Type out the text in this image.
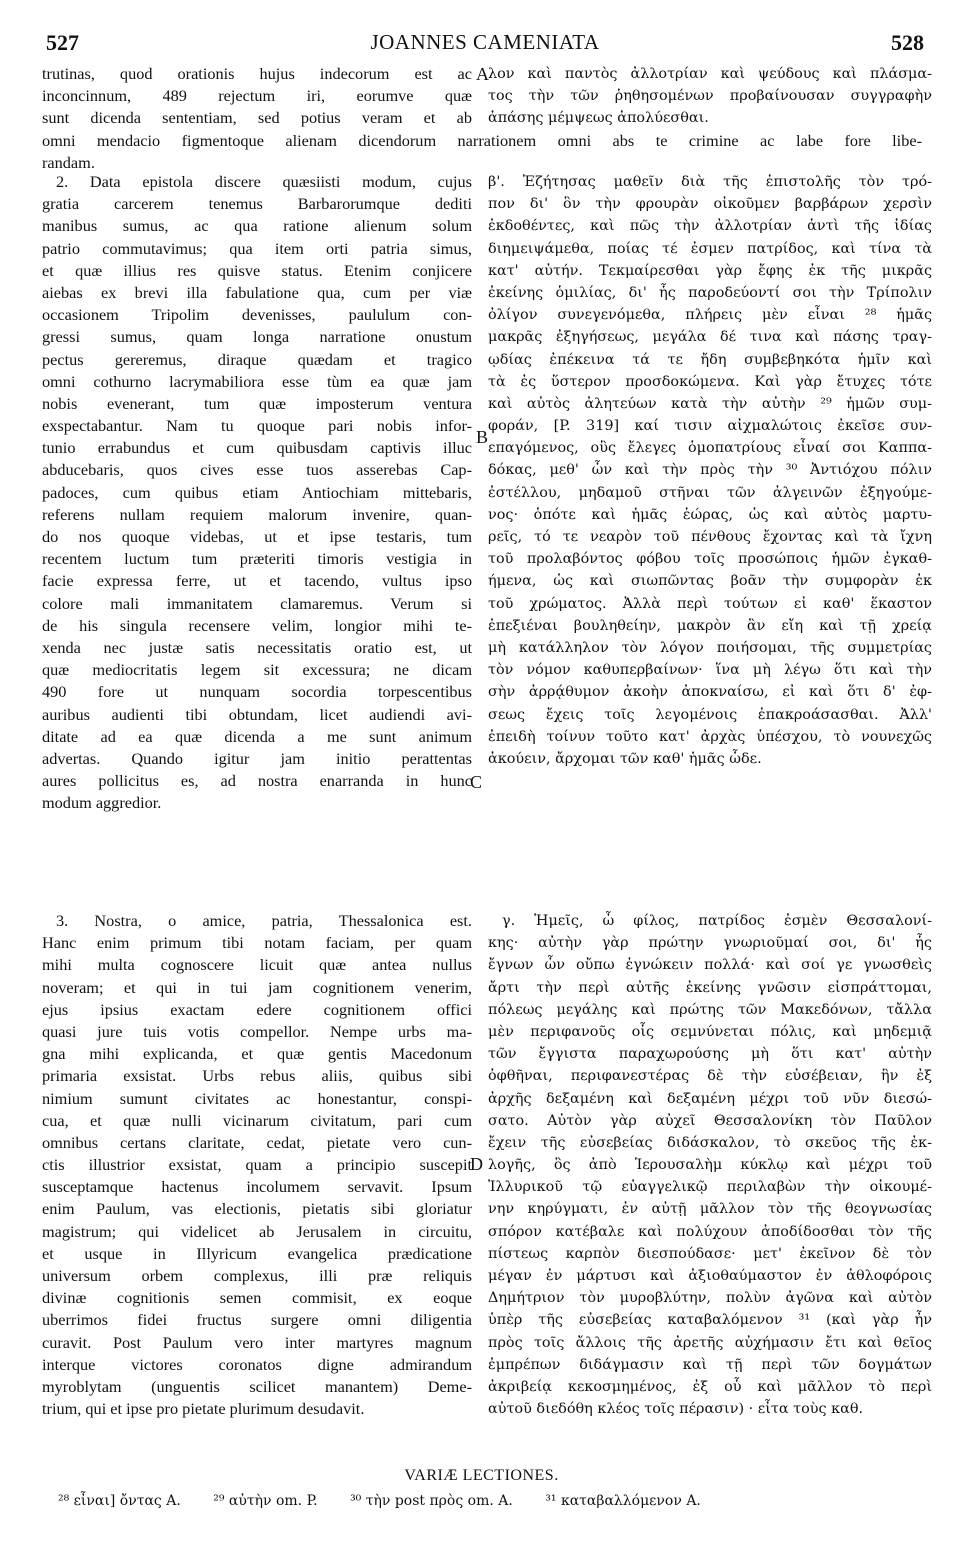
527	JOANNES CAMENIATA	528
trutinas, quod orationis hujus indecorum est ac
inconcinnum, 489 rejectum iri, eorumve quæ
sunt dicenda sententiam, sed potius veram et ab
omni mendacio figmentoque alienam dicendorum narrationem omni abs te crimine ac labe fore libe-
randam.
A λον καὶ παντὸς ἀλλοτρίαν καὶ ψεύδους καὶ πλάσμα-
τος τὴν τῶν ῥηθησομένων προβαίνουσαν συγγραφὴν
ἀπάσης μέμψεως ἀπολύεσθαι.
2. Data epistola discere quæsiisti modum, cujus
gratia carcerem tenemus Barbarorumque dediti
manibus sumus, ac qua ratione alienum solum
patrio commutavimus; qua item orti patria simus,
et quæ illius res quisve status. Etenim conjicere
aiebas ex brevi illa fabulatione qua, cum per viæ
occasionem Tripolim devenisses, paululum con-
gressi sumus, quam longa narratione onustum
pectus gereremus, diraque quædam et tragico
omni cothurno lacrymabiliora esse tùm ea quæ jam
nobis evenerant, tum quæ imposterum ventura
exspectabantur. Nam tu quoque pari nobis infor-
tunio errabundus et cum quibusdam captivis illuc
abducebaris, quos cives esse tuos asserebas Cap-
padoces, cum quibus etiam Antiochiam mittebaris,
referens nullam requiem malorum invenire, quan-
do nos quoque videbas, ut et ipse testaris, tum
recentem luctum tum præteriti timoris vestigia in
facie expressa ferre, ut et tacendo, vultus ipso
colore mali immanitatem clamaremus. Verum si
de his singula recensere velim, longior mihi te-
xenda nec justæ satis necessitatis oratio est, ut
quæ mediocritatis legem sit excessura; ne dicam
490 fore ut nunquam socordia torpescentibus
auribus audienti tibi obtundam, licet audiendi avi-
ditate ad ea quæ dicenda a me sunt animum
advertas. Quando igitur jam initio perattentas
aures pollicitus es, ad nostra enarranda in hunc
modum aggredior.
B
C
β'. Ἐζήτησας μαθεῖν διὰ τῆς ἐπιστολῆς τὸν τρό-
πον δι' ὃν τὴν φρουρὰν οἰκοῦμεν βαρβάρων χερσὶν
ἐκδοθέντες, καὶ πῶς τὴν ἀλλοτρίαν ἀντὶ τῆς ἰδίας
διημειψάμεθα, ποίας τέ ἐσμεν πατρίδος, καὶ τίνα τὰ
κατ' αὐτήν. Τεκμαίρεσθαι γὰρ ἔφης ἐκ τῆς μικρᾶς
ἐκείνης ὁμιλίας, δι' ἧς παροδεύοντί σοι τὴν Τρίπολιν
ὀλίγον συνεγενόμεθα, πλήρεις μὲν εἶναι ²⁸ ἡμᾶς
μακρᾶς ἐξηγήσεως, μεγάλα δέ τινα καὶ πάσης τραγ-
ῳδίας ἐπέκεινα τά τε ἤδη συμβεβηκότα ἡμῖν καὶ
τὰ ἐς ὕστερον προσδοκώμενα. Καὶ γὰρ ἔτυχες τότε
καὶ αὐτὸς ἀλητεύων κατὰ τὴν αὐτὴν ²⁹ ἡμῶν συμ-
φοράν, [P. 319] καί τισιν αἰχμαλώτοις ἐκεῖσε συν-
επαγόμενος, οὓς ἔλεγες ὁμοπατρίους εἶναί σοι Καππα-
δόκας, μεθ' ὧν καὶ τὴν πρὸς τὴν ³⁰ Ἀντιόχου πόλιν
ἐστέλλου, μηδαμοῦ στῆναι τῶν ἀλγεινῶν ἐξηγούμε-
νος· ὁπότε καὶ ἡμᾶς ἑώρας, ὡς καὶ αὐτὸς μαρτυ-
ρεῖς, τό τε νεαρὸν τοῦ πένθους ἔχοντας καὶ τὰ ἴχνη
τοῦ προλαβόντος φόβου τοῖς προσώποις ἡμῶν ἐγκαθ-
ήμενα, ὡς καὶ σιωπῶντας βοᾶν τὴν συμφορὰν ἐκ
τοῦ χρώματος. Ἀλλὰ περὶ τούτων εἰ καθ' ἕκαστον
ἐπεξιέναι βουληθείην, μακρὸν ἂν εἴη καὶ τῇ χρείᾳ
μὴ κατάλληλον τὸν λόγον ποιήσομαι, τῆς συμμετρίας
τὸν νόμον καθυπερβαίνων· ἵνα μὴ λέγω ὅτι καὶ τὴν
σὴν ἀρρᾴθυμον ἀκοὴν ἀποκναίσω, εἰ καὶ ὅτι δ' ἐφ-
σεως ἔχεις τοῖς λεγομένοις ἐπακροάσασθαι. Ἀλλ'
ἐπειδὴ τοίνυν τοῦτο κατ' ἀρχὰς ὑπέσχου, τὸ νουνεχῶς
ἀκούειν, ἄρχομαι τῶν καθ' ἡμᾶς ὧδε.
3. Nostra, o amice, patria, Thessalonica est.
Hanc enim primum tibi notam faciam, per quam
mihi multa cognoscere licuit quæ antea nullus
noveram; et qui in tui jam cognitionem venerim,
ejus ipsius exactam edere cognitionem offici
quasi jure tuis votis compellor. Nempe urbs ma-
gna mihi explicanda, et quæ gentis Macedonum
primaria exsistat. Urbs rebus aliis, quibus sibi
nimium sumunt civitates ac honestantur, conspi-
cua, et quæ nulli vicinarum civitatum, pari cum
omnibus certans claritate, cedat, pietate vero cun-
ctis illustrior exsistat, quam a principio suscepit
susceptamque hactenus incolumem servavit. Ipsum
enim Paulum, vas electionis, pietatis sibi gloriatur
magistrum; qui videlicet ab Jerusalem in circuitu,
et usque in Illyricum evangelica prædicatione
universum orbem complexus, illi præ reliquis
divinæ cognitionis semen commisit, ex eoque
uberrimos fidei fructus surgere omni diligentia
curavit. Post Paulum vero inter martyres magnum
interque victores coronatos digne admirandum
myroblytam (unguentis scilicet manantem) Deme-
trium, qui et ipse pro pietate plurimum desudavit.
D
γ. Ἡμεῖς, ὦ φίλος, πατρίδος ἐσμὲν Θεσσαλονί-
κης· αὐτὴν γὰρ πρώτην γνωριοῦμαί σοι, δι' ἧς
ἔγνων ὧν οὔπω ἐγνώκειν πολλά· καὶ σοί γε γνωσθεὶς
ἄρτι τὴν περὶ αὐτῆς ἐκείνης γνῶσιν εἰσπράττομαι,
πόλεως μεγάλης καὶ πρώτης τῶν Μακεδόνων, τἄλλα
μὲν περιφανοῦς οἷς σεμνύνεται πόλις, καὶ μηδεμιᾷ
τῶν ἔγγιστα παραχωρούσης μὴ ὅτι κατ' αὐτὴν
ὀφθῆναι, περιφανεστέρας δὲ τὴν εὐσέβειαν, ἣν ἐξ
ἀρχῆς δεξαμένη καὶ δεξαμένη μέχρι τοῦ νῦν διεσώ-
σατο. Αὐτὸν γὰρ αὐχεῖ Θεσσαλονίκη τὸν Παῦλον
ἔχειν τῆς εὐσεβείας διδάσκαλον, τὸ σκεῦος τῆς ἐκ-
λογῆς, ὃς ἀπὸ Ἱερουσαλὴμ κύκλῳ καὶ μέχρι τοῦ
Ἰλλυρικοῦ τῷ εὐαγγελικῷ περιλαβὼν τὴν οἰκουμέ-
νην κηρύγματι, ἐν αὐτῇ μᾶλλον τὸν τῆς θεογνωσίας
σπόρον κατέβαλε καὶ πολύχουν ἀποδίδοσθαι τὸν τῆς
πίστεως καρπὸν διεσπούδασε· μετ' ἐκεῖνον δὲ τὸν
μέγαν ἐν μάρτυσι καὶ ἀξιοθαύμαστον ἐν ἀθλοφόροις
Δημήτριον τὸν μυροβλύτην, πολὺν ἀγῶνα καὶ αὐτὸν
ὑπὲρ τῆς εὐσεβείας καταβαλόμενον ³¹ (καὶ γὰρ ἦν
πρὸς τοῖς ἄλλοις τῆς ἀρετῆς αὐχήμασιν ἔτι καὶ θεῖος
ἐμπρέπων διδάγμασιν καὶ τῇ περὶ τῶν δογμάτων
ἀκριβείᾳ κεκοσμημένος, ἐξ οὗ καὶ μᾶλλον τὸ περὶ
αὐτοῦ διεδόθη κλέος τοῖς πέρασιν) · εἶτα τοὺς καθ.
VARIÆ LECTIONES.
²⁸ εἶναι] ὄντας A. ²⁹ αὐτὴν om. P. ³⁰ τὴν post πρὸς om. A. ³¹ καταβαλλόμενον A.
